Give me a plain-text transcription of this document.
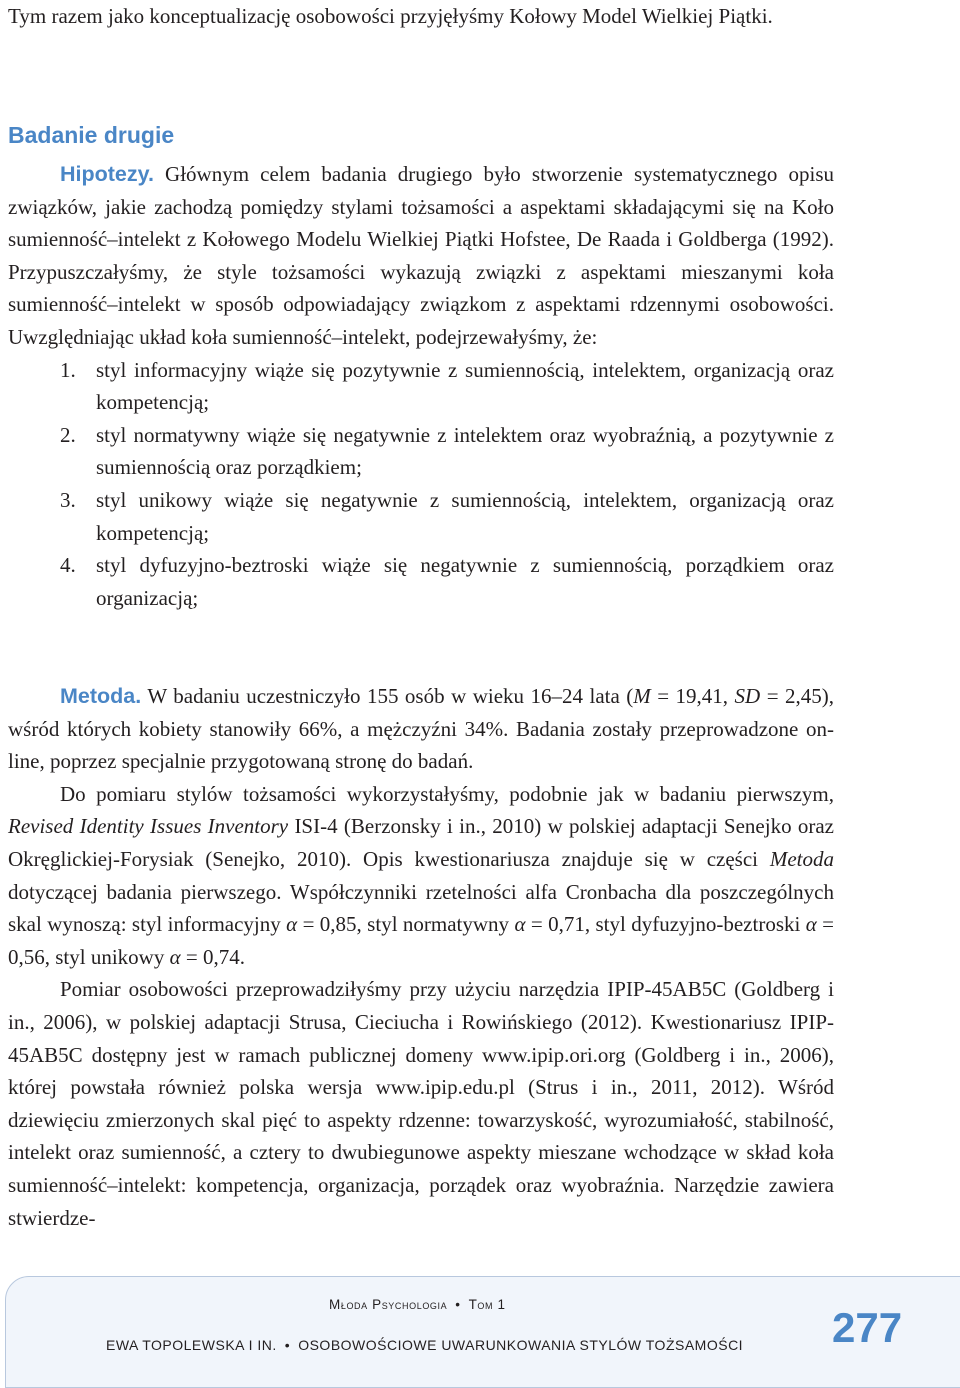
Tym razem jako konceptualizację osobowości przyjęłyśmy Kołowy Model Wielkiej Piątki.

Badanie drugie

Hipotezy. Głównym celem badania drugiego było stworzenie systematycznego opisu związków, jakie zachodzą pomiędzy stylami tożsamości a aspektami składającymi się na Koło sumienność–intelekt z Kołowego Modelu Wielkiej Piątki Hofstee, De Raada i Goldberga (1992). Przypuszczałyśmy, że style tożsamości wykazują związki z aspektami mieszanymi koła sumienność–intelekt w sposób odpowiadający związkom z aspektami rdzennymi osobowości. Uwzględniając układ koła sumienność–intelekt, podejrzewałyśmy, że:

1. styl informacyjny wiąże się pozytywnie z sumiennością, intelektem, organizacją oraz kompetencją;
2. styl normatywny wiąże się negatywnie z intelektem oraz wyobraźnią, a pozytywnie z sumiennością oraz porządkiem;
3. styl unikowy wiąże się negatywnie z sumiennością, intelektem, organizacją oraz kompetencją;
4. styl dyfuzyjno-beztroski wiąże się negatywnie z sumiennością, porządkiem oraz organizacją;

Metoda. W badaniu uczestniczyło 155 osób w wieku 16–24 lata (M = 19,41, SD = 2,45), wśród których kobiety stanowiły 66%, a mężczyźni 34%. Badania zostały przeprowadzone on-line, poprzez specjalnie przygotowaną stronę do badań.

Do pomiaru stylów tożsamości wykorzystałyśmy, podobnie jak w badaniu pierwszym, Revised Identity Issues Inventory ISI-4 (Berzonsky i in., 2010) w polskiej adaptacji Senejko oraz Okręglickiej-Forysiak (Senejko, 2010). Opis kwestionariusza znajduje się w części Metoda dotyczącej badania pierwszego. Współczynniki rzetelności alfa Cronbacha dla poszczególnych skal wynoszą: styl informacyjny α = 0,85, styl normatywny α = 0,71, styl dyfuzyjno-beztroski α = 0,56, styl unikowy α = 0,74.

Pomiar osobowości przeprowadziłyśmy przy użyciu narzędzia IPIP-45AB5C (Goldberg i in., 2006), w polskiej adaptacji Strusa, Cieciucha i Rowińskiego (2012). Kwestionariusz IPIP-45AB5C dostępny jest w ramach publicznej domeny www.ipip.ori.org (Goldberg i in., 2006), której powstała również polska wersja www.ipip.edu.pl (Strus i in., 2011, 2012). Wśród dziewięciu zmierzonych skal pięć to aspekty rdzenne: towarzyskość, wyrozumiałość, stabilność, intelekt oraz sumienność, a cztery to dwubiegunowe aspekty mieszane wchodzące w skład koła sumienność–intelekt: kompetencja, organizacja, porządek oraz wyobraźnia. Narzędzie zawiera stwierdze-

Młoda Psychologia • Tom 1
EWA TOPOLEWSKA I IN. • OSOBOWOŚCIOWE UWARUNKOWANIA STYLÓW TOŻSAMOŚCI 277
